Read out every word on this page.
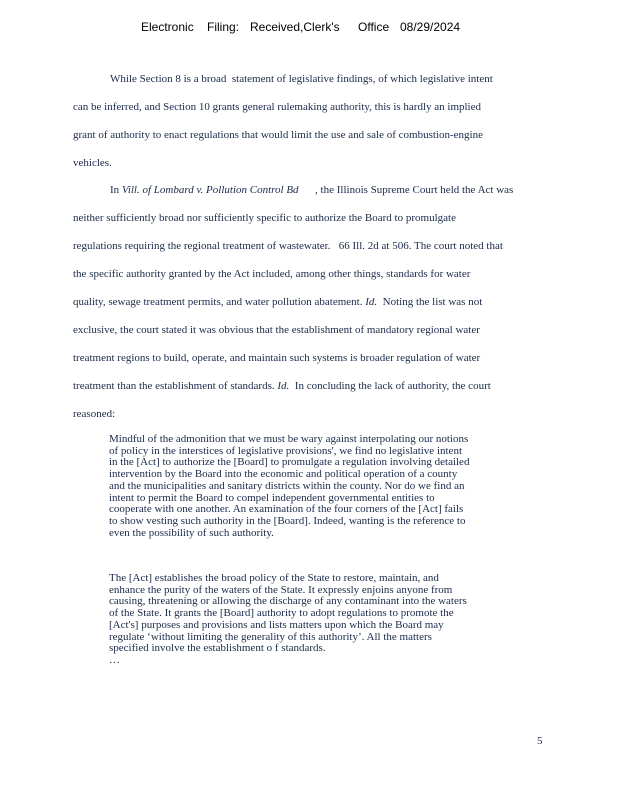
Electronic Filing: Received,Clerk's Office 08/29/2024
While Section 8 is a broad  statement of legislative findings, of which legislative intent
can be inferred, and Section 10 grants general rulemaking authority, this is hardly an implied
grant of authority to enact regulations that would limit the use and sale of combustion-engine
vehicles.
In Vill. of Lombard v. Pollution Control Bd      , the Illinois Supreme Court held the Act was
neither sufficiently broad nor sufficiently specific to authorize the Board to promulgate
regulations requiring the regional treatment of wastewater.   66 Ill. 2d at 506. The court noted that
the specific authority granted by the Act included, among other things, standards for water
quality, sewage treatment permits, and water pollution abatement. Id.  Noting the list was not
exclusive, the court stated it was obvious that the establishment of mandatory regional water
treatment regions to build, operate, and maintain such systems is broader regulation of water
treatment than the establishment of standards. Id.  In concluding the lack of authority, the court
reasoned:
Mindful of the admonition that we must be wary against interpolating our notions
of policy in the interstices of legislative provisions', we find no legislative intent
in the [Act] to authorize the [Board] to promulgate a regulation involving detailed
intervention by the Board into the economic and political operation of a county
and the municipalities and sanitary districts within the county. Nor do we find an
intent to permit the Board to compel independent governmental entities to
cooperate with one another. An examination of the four corners of the [Act] fails
to show vesting such authority in the [Board]. Indeed, wanting is the reference to
even the possibility of such authority.
The [Act] establishes the broad policy of the State to restore, maintain, and
enhance the purity of the waters of the State. It expressly enjoins anyone from
causing, threatening or allowing the discharge of any contaminant into the waters
of the State. It grants the [Board] authority to adopt regulations to promote the
[Act's] purposes and provisions and lists matters upon which the Board may
regulate ‘without limiting the generality of this authority’. All the matters
specified involve the establishment o f standards.
…
5
